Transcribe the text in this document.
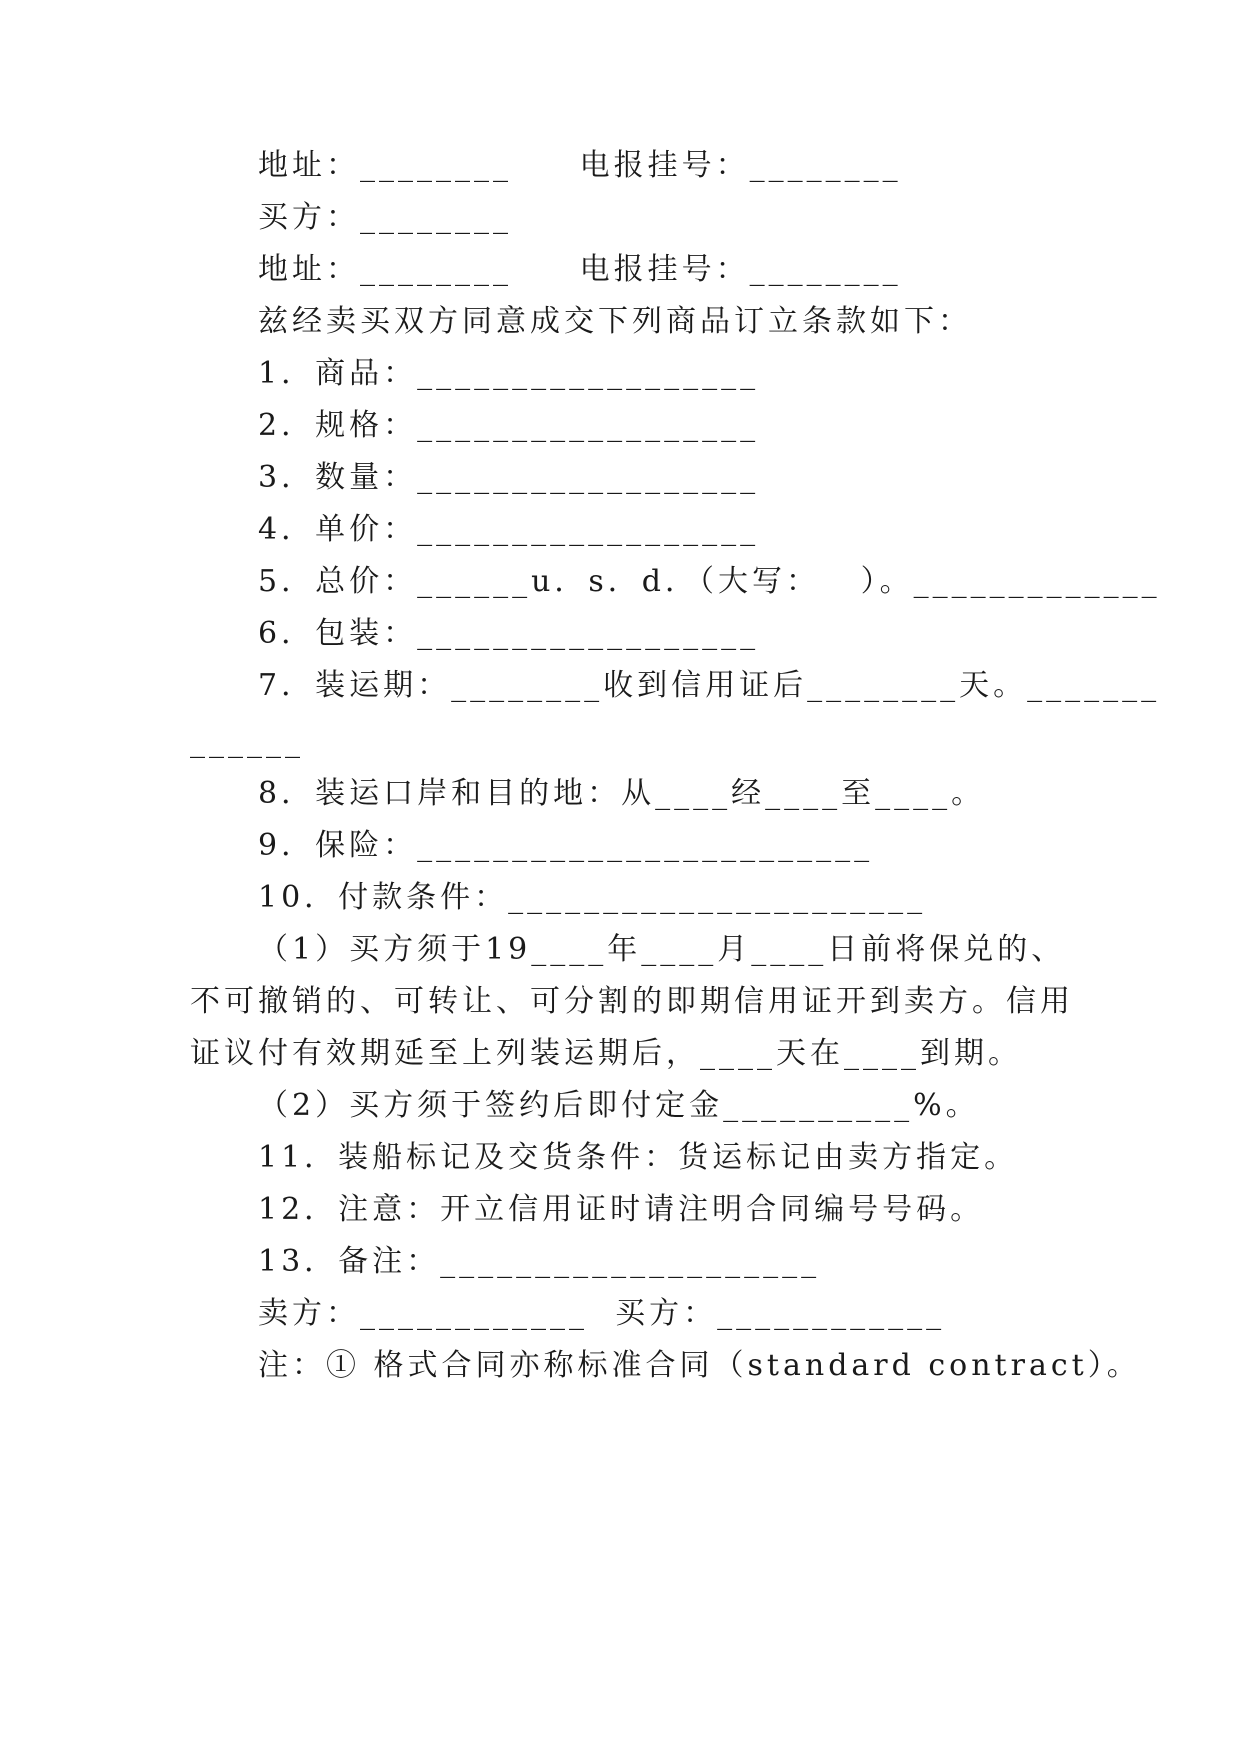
地址：________     电报挂号：________
买方：________
地址：________     电报挂号：________
兹经卖买双方同意成交下列商品订立条款如下：
1．商品：__________________
2．规格：__________________
3．数量：__________________
4．单价：__________________
5．总价：______u．s．d．（大写：   ）。_____________
6．包装：__________________
7．装运期：________收到信用证后________天。_______
______
8．装运口岸和目的地：从____经____至____。
9．保险：________________________
10．付款条件：______________________
（1）买方须于19____年____月____日前将保兑的、
不可撤销的、可转让、可分割的即期信用证开到卖方。信用
证议付有效期延至上列装运期后，____天在____到期。
（2）买方须于签约后即付定金__________%。
11．装船标记及交货条件：货运标记由卖方指定。
12．注意：开立信用证时请注明合同编号号码。
13．备注：____________________
卖方：____________  买方：____________
注：① 格式合同亦称标准合同（standard contract）。
